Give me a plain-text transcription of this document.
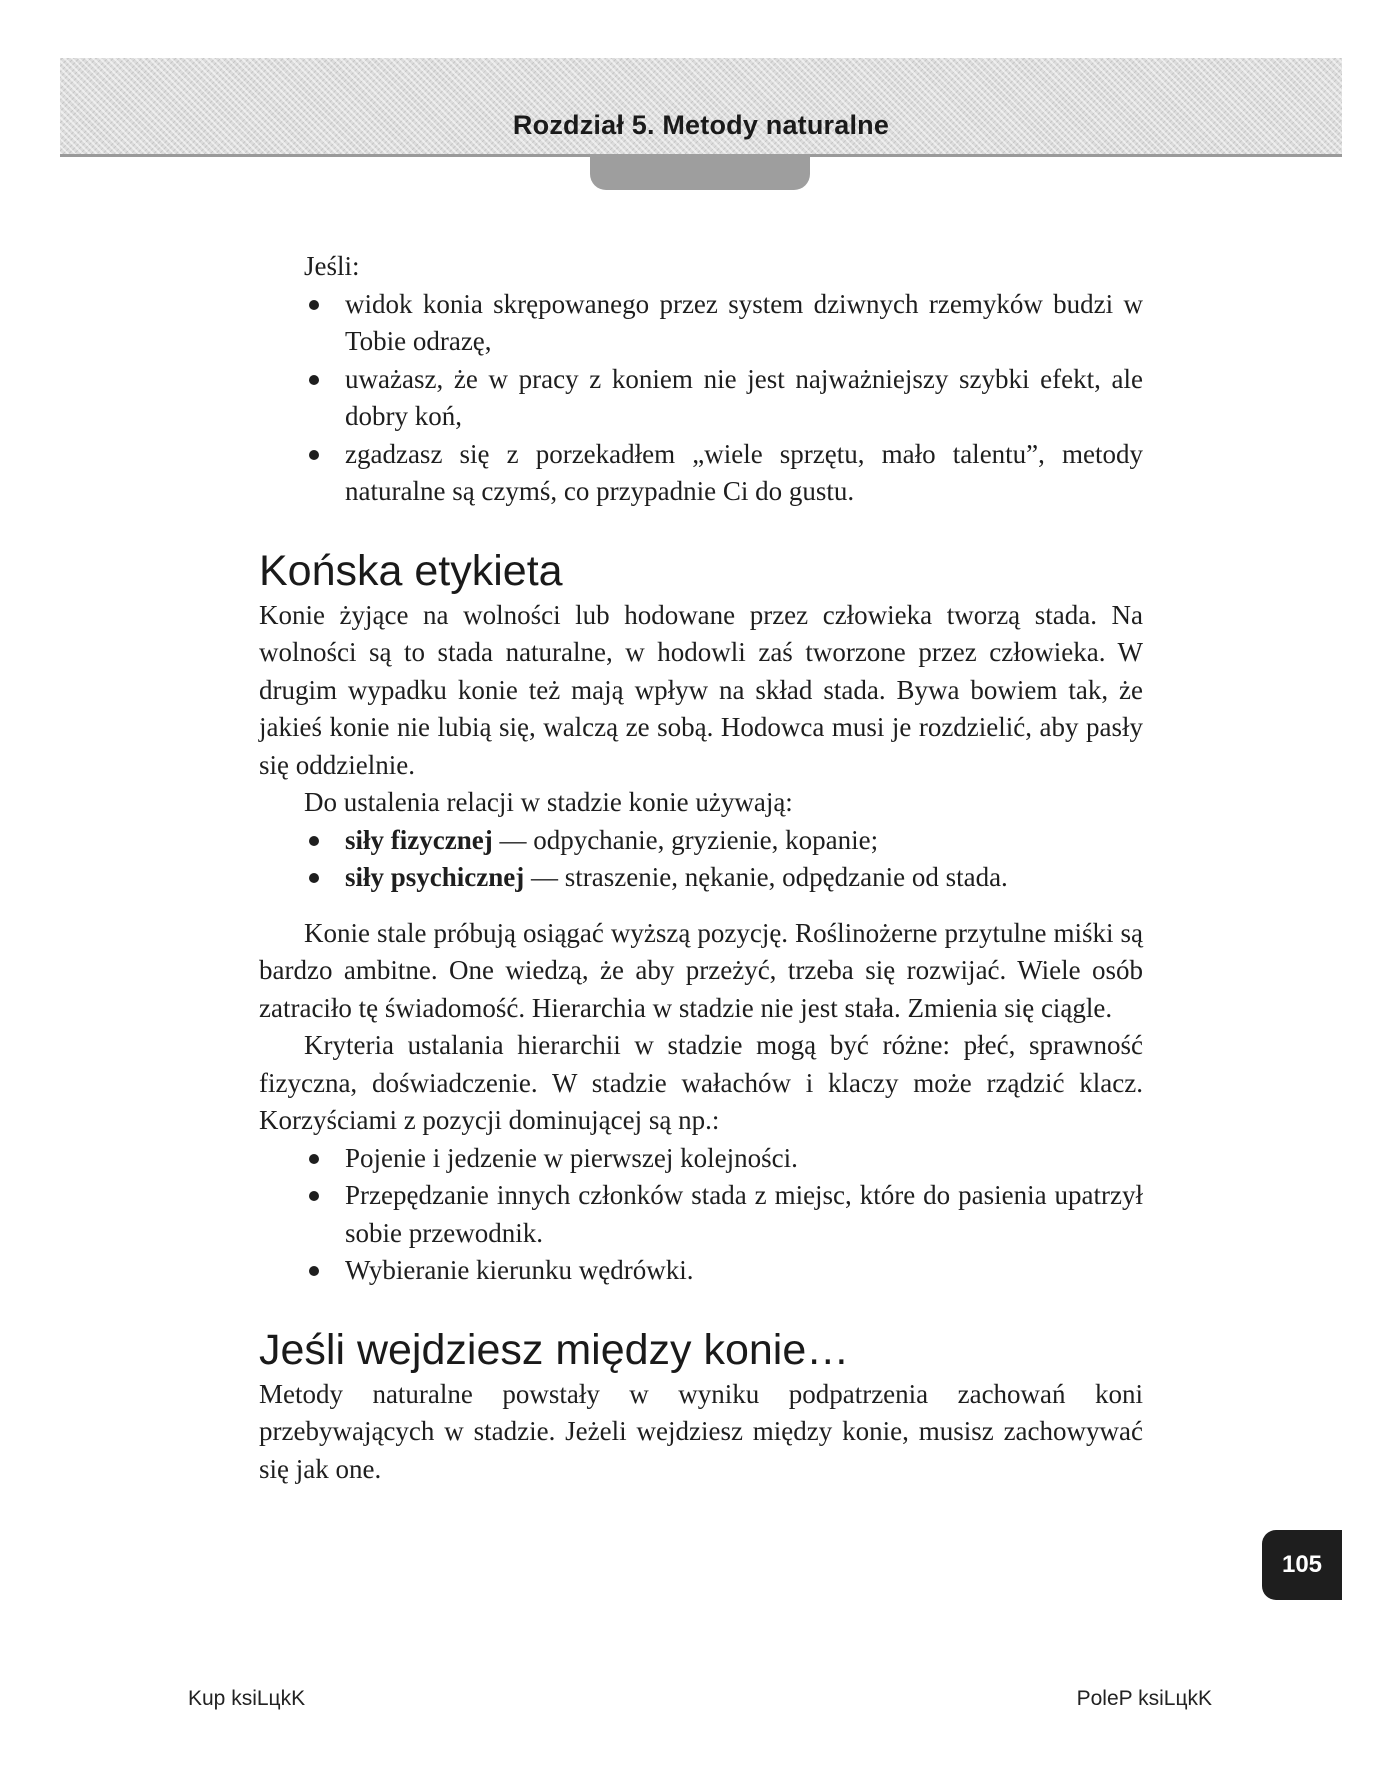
Rozdział 5. Metody naturalne

Jeśli:

widok konia skrępowanego przez system dziwnych rzemyków budzi w Tobie odrazę,
uważasz, że w pracy z koniem nie jest najważniejszy szybki efekt, ale dobry koń,
zgadzasz się z porzekadłem „wiele sprzętu, mało talentu”, metody naturalne są czymś, co przypadnie Ci do gustu.
Końska etykieta

Konie żyjące na wolności lub hodowane przez człowieka tworzą stada. Na wolności są to stada naturalne, w hodowli zaś tworzone przez człowieka. W drugim wypadku konie też mają wpływ na skład stada. Bywa bowiem tak, że jakieś konie nie lubią się, walczą ze sobą. Hodowca musi je rozdzielić, aby pasły się oddzielnie.

Do ustalenia relacji w stadzie konie używają:

siły fizycznej — odpychanie, gryzienie, kopanie;
siły psychicznej — straszenie, nękanie, odpędzanie od stada.

Konie stale próbują osiągać wyższą pozycję. Roślinożerne przytulne miśki są bardzo ambitne. One wiedzą, że aby przeżyć, trzeba się rozwijać. Wiele osób zatraciło tę świadomość. Hierarchia w stadzie nie jest stała. Zmienia się ciągle.

Kryteria ustalania hierarchii w stadzie mogą być różne: płeć, sprawność fizyczna, doświadczenie. W stadzie wałachów i klaczy może rządzić klacz. Korzyściami z pozycji dominującej są np.:

Pojenie i jedzenie w pierwszej kolejności.
Przepędzanie innych członków stada z miejsc, które do pasienia upatrzył sobie przewodnik.
Wybieranie kierunku wędrówki.
Jeśli wejdziesz między konie…

Metody naturalne powstały w wyniku podpatrzenia zachowań koni przebywających w stadzie. Jeżeli wejdziesz między konie, musisz zachowywać się jak one.

105
Kup ksiLцkK	PoleP ksiLцkK
